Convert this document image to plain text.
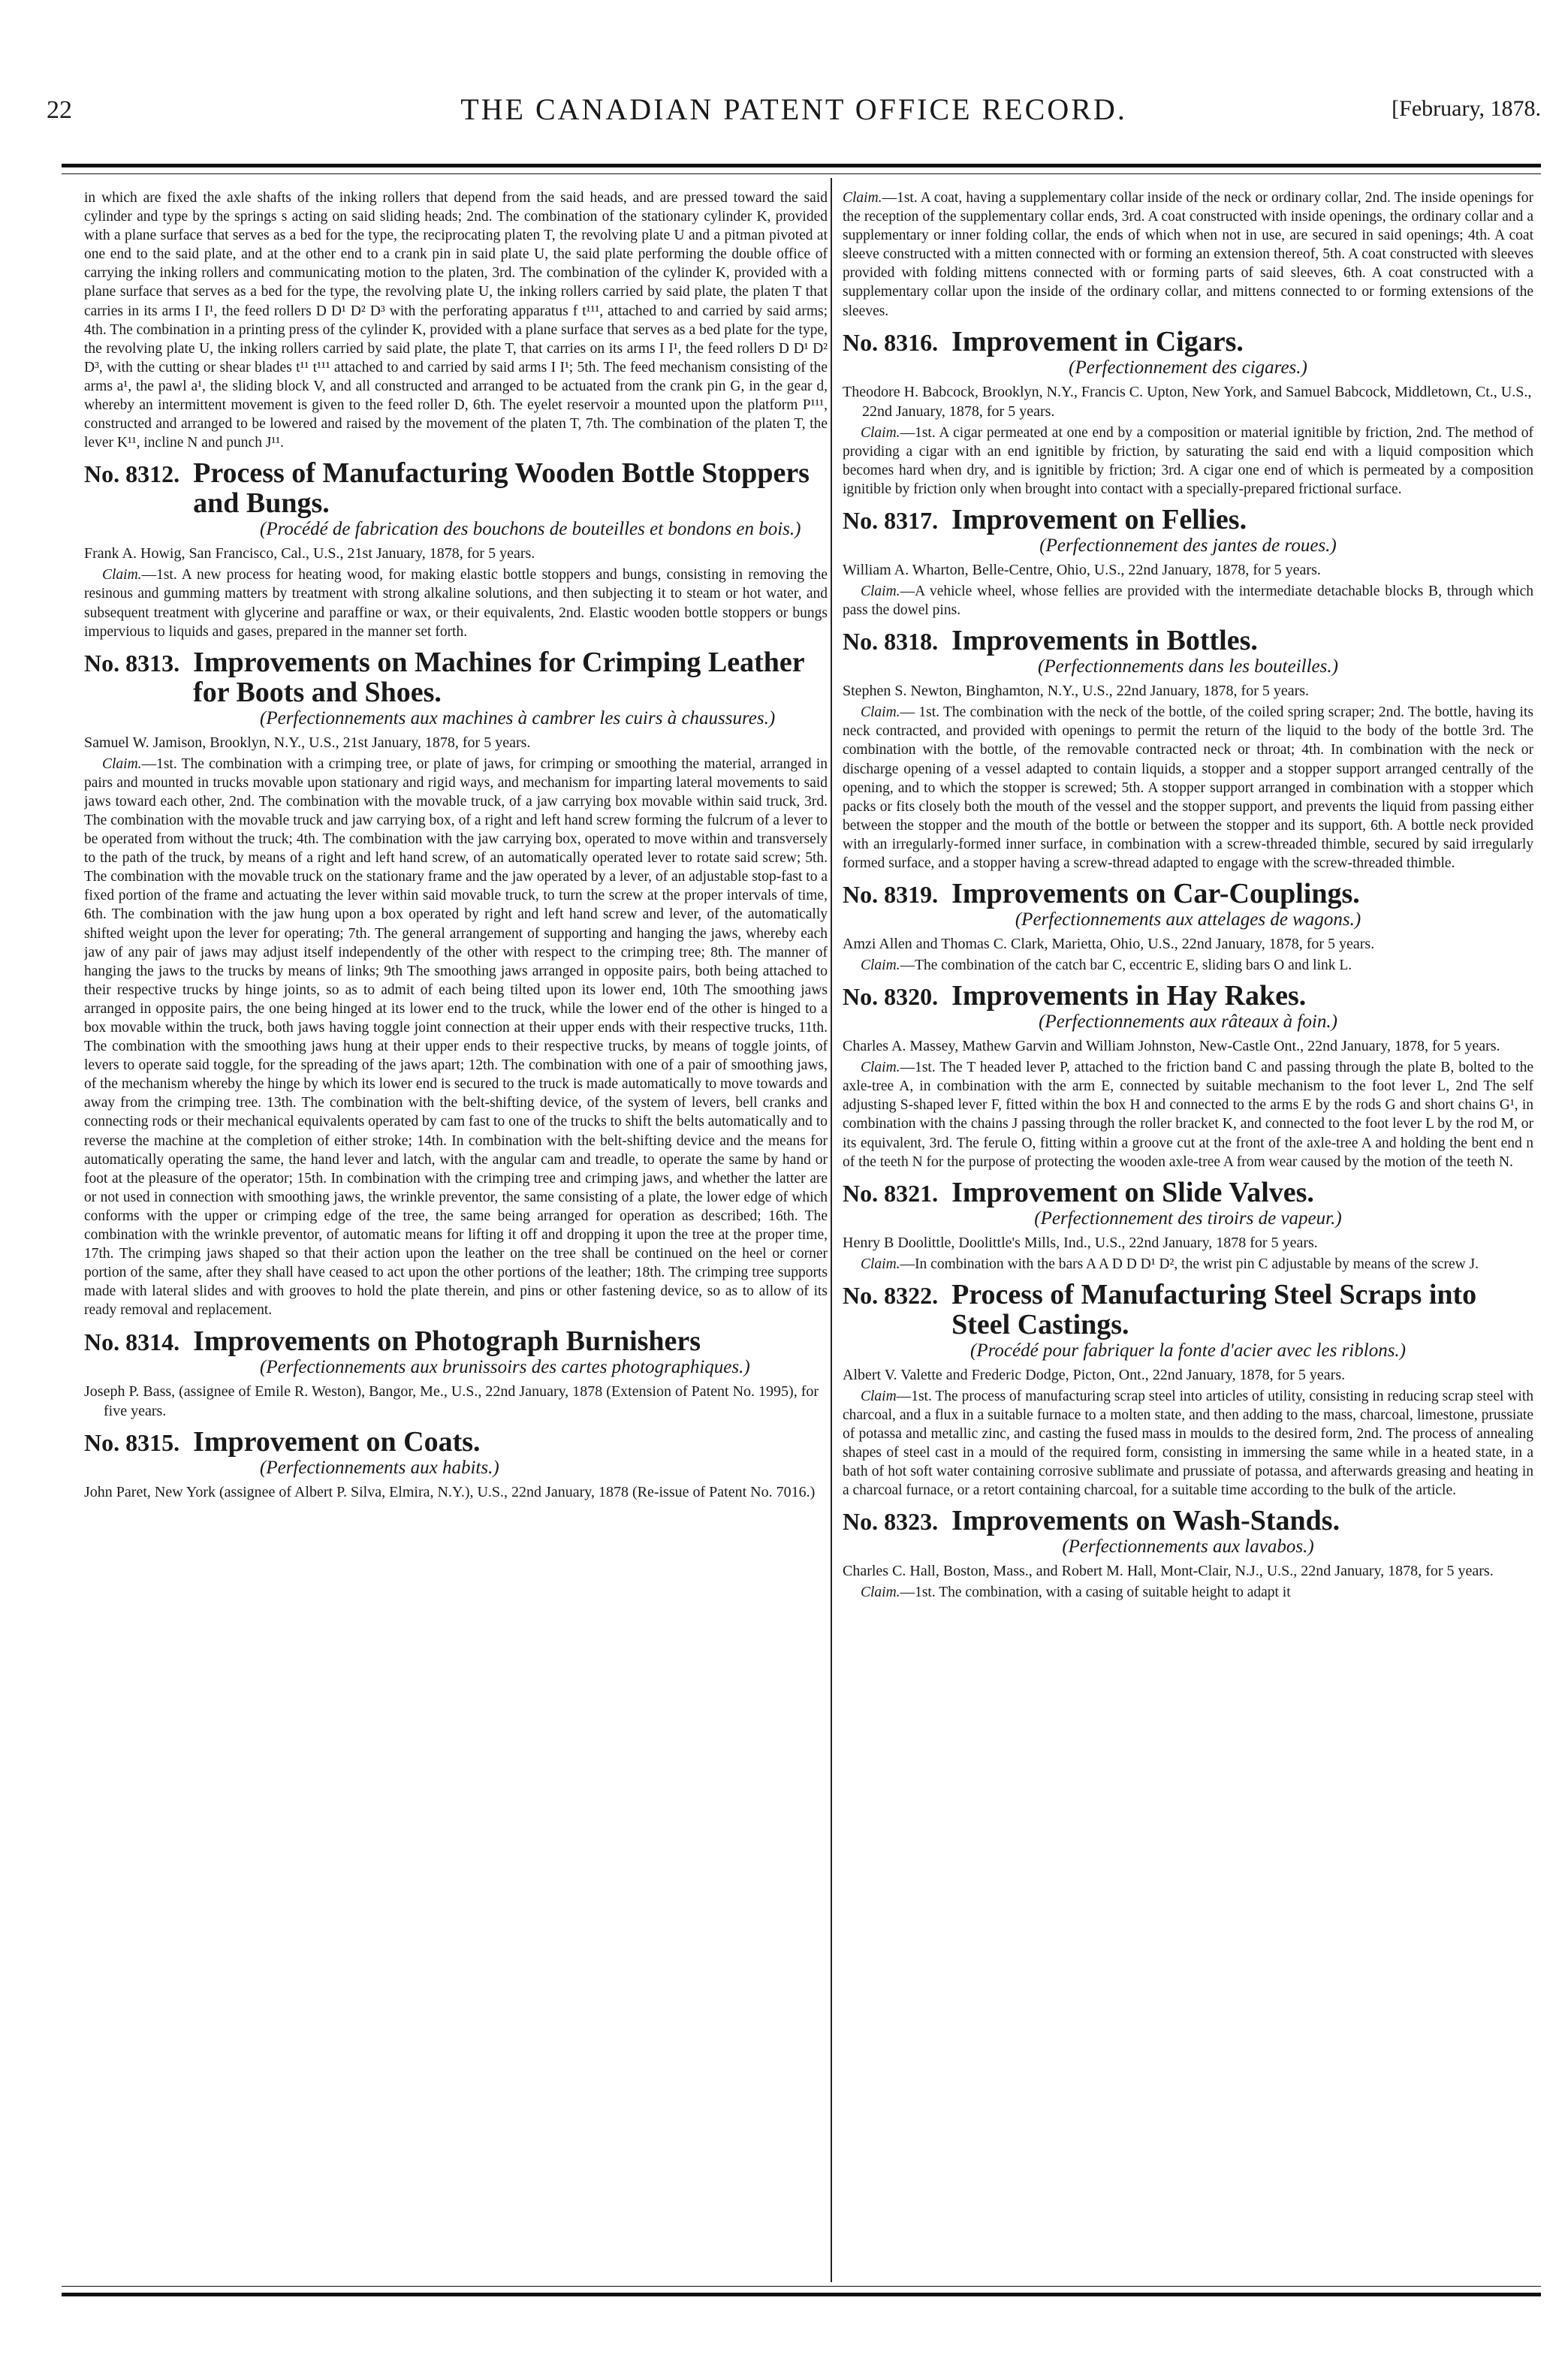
22	THE CANADIAN PATENT OFFICE RECORD.	[February, 1878.

in which are fixed the axle shafts of the inking rollers that depend from the said heads, and are pressed toward the said cylinder and type by the springs s acting on said sliding heads; 2nd. The combination of the stationary cylinder K, provided with a plane surface that serves as a bed for the type, the reciprocating platen T, the revolving plate U and a pitman pivoted at one end to the said plate, and at the other end to a crank pin in said plate U, the said plate performing the double office of carrying the inking rollers and communicating motion to the platen, 3rd. The combination of the cylinder K, provided with a plane surface that serves as a bed for the type, the revolving plate U, the inking rollers carried by said plate, the platen T that carries in its arms I I¹, the feed rollers D D¹ D² D³ with the perforating apparatus f t¹¹¹, attached to and carried by said arms; 4th. The combination in a printing press of the cylinder K, provided with a plane surface that serves as a bed plate for the type, the revolving plate U, the inking rollers carried by said plate, the plate T, that carries on its arms I I¹, the feed rollers D D¹ D² D³, with the cutting or shear blades t¹¹ t¹¹¹ attached to and carried by said arms I I¹; 5th. The feed mechanism consisting of the arms a¹, the pawl a¹, the sliding block V, and all constructed and arranged to be actuated from the crank pin G, in the gear d, whereby an intermittent movement is given to the feed roller D, 6th. The eyelet reservoir a mounted upon the platform P¹¹¹, constructed and arranged to be lowered and raised by the movement of the platen T, 7th. The combination of the platen T, the lever K¹¹, incline N and punch J¹¹.

No. 8312. Process of Manufacturing Wooden Bottle Stoppers and Bungs.
(Procédé de fabrication des bouchons de bouteilles et bondons en bois.)
Frank A. Howig, San Francisco, Cal., U.S., 21st January, 1878, for 5 years.

Claim.—1st. A new process for heating wood, for making elastic bottle stoppers and bungs, consisting in removing the resinous and gumming matters by treatment with strong alkaline solutions, and then subjecting it to steam or hot water, and subsequent treatment with glycerine and paraffine or wax, or their equivalents, 2nd. Elastic wooden bottle stoppers or bungs impervious to liquids and gases, prepared in the manner set forth.

No. 8313. Improvements on Machines for Crimping Leather for Boots and Shoes.
(Perfectionnements aux machines à cambrer les cuirs à chaussures.)
Samuel W. Jamison, Brooklyn, N.Y., U.S., 21st January, 1878, for 5 years.

Claim.—1st. The combination with a crimping tree, or plate of jaws, for crimping or smoothing the material, arranged in pairs and mounted in trucks movable upon stationary and rigid ways, and mechanism for imparting lateral movements to said jaws toward each other, 2nd. The combination with the movable truck, of a jaw carrying box movable within said truck, 3rd. The combination with the movable truck and jaw carrying box, of a right and left hand screw forming the fulcrum of a lever to be operated from without the truck; 4th. The combination with the jaw carrying box, operated to move within and transversely to the path of the truck, by means of a right and left hand screw, of an automatically operated lever to rotate said screw; 5th. The combination with the movable truck on the stationary frame and the jaw operated by a lever, of an adjustable stop-fast to a fixed portion of the frame and actuating the lever within said movable truck, to turn the screw at the proper intervals of time, 6th. The combination with the jaw hung upon a box operated by right and left hand screw and lever, of the automatically shifted weight upon the lever for operating; 7th. The general arrangement of supporting and hanging the jaws, whereby each jaw of any pair of jaws may adjust itself independently of the other with respect to the crimping tree; 8th. The manner of hanging the jaws to the trucks by means of links; 9th The smoothing jaws arranged in opposite pairs, both being attached to their respective trucks by hinge joints, so as to admit of each being tilted upon its lower end, 10th The smoothing jaws arranged in opposite pairs, the one being hinged at its lower end to the truck, while the lower end of the other is hinged to a box movable within the truck, both jaws having toggle joint connection at their upper ends with their respective trucks, 11th. The combination with the smoothing jaws hung at their upper ends to their respective trucks, by means of toggle joints, of levers to operate said toggle, for the spreading of the jaws apart; 12th. The combination with one of a pair of smoothing jaws, of the mechanism whereby the hinge by which its lower end is secured to the truck is made automatically to move towards and away from the crimping tree. 13th. The combination with the belt-shifting device, of the system of levers, bell cranks and connecting rods or their mechanical equivalents operated by cam fast to one of the trucks to shift the belts automatically and to reverse the machine at the completion of either stroke; 14th. In combination with the belt-shifting device and the means for automatically operating the same, the hand lever and latch, with the angular cam and treadle, to operate the same by hand or foot at the pleasure of the operator; 15th. In combination with the crimping tree and crimping jaws, and whether the latter are or not used in connection with smoothing jaws, the wrinkle preventor, the same consisting of a plate, the lower edge of which conforms with the upper or crimping edge of the tree, the same being arranged for operation as described; 16th. The combination with the wrinkle preventor, of automatic means for lifting it off and dropping it upon the tree at the proper time, 17th. The crimping jaws shaped so that their action upon the leather on the tree shall be continued on the heel or corner portion of the same, after they shall have ceased to act upon the other portions of the leather; 18th. The crimping tree supports made with lateral slides and with grooves to hold the plate therein, and pins or other fastening device, so as to allow of its ready removal and replacement.

No. 8314. Improvements on Photograph Burnishers
(Perfectionnements aux brunissoirs des cartes photographiques.)
Joseph P. Bass, (assignee of Emile R. Weston), Bangor, Me., U.S., 22nd January, 1878 (Extension of Patent No. 1995), for five years.
No. 8315. Improvement on Coats.
(Perfectionnements aux habits.)
John Paret, New York (assignee of Albert P. Silva, Elmira, N.Y.), U.S., 22nd January, 1878 (Re-issue of Patent No. 7016.)

Claim.—1st. A coat, having a supplementary collar inside of the neck or ordinary collar, 2nd. The inside openings for the reception of the supplementary collar ends, 3rd. A coat constructed with inside openings, the ordinary collar and a supplementary or inner folding collar, the ends of which when not in use, are secured in said openings; 4th. A coat sleeve constructed with a mitten connected with or forming an extension thereof, 5th. A coat constructed with sleeves provided with folding mittens connected with or forming parts of said sleeves, 6th. A coat constructed with a supplementary collar upon the inside of the ordinary collar, and mittens connected to or forming extensions of the sleeves.

No. 8316. Improvement in Cigars.
(Perfectionnement des cigares.)
Theodore H. Babcock, Brooklyn, N.Y., Francis C. Upton, New York, and Samuel Babcock, Middletown, Ct., U.S., 22nd January, 1878, for 5 years.

Claim.—1st. A cigar permeated at one end by a composition or material ignitible by friction, 2nd. The method of providing a cigar with an end ignitible by friction, by saturating the said end with a liquid composition which becomes hard when dry, and is ignitible by friction; 3rd. A cigar one end of which is permeated by a composition ignitible by friction only when brought into contact with a specially-prepared frictional surface.

No. 8317. Improvement on Fellies.
(Perfectionnement des jantes de roues.)
William A. Wharton, Belle-Centre, Ohio, U.S., 22nd January, 1878, for 5 years.

Claim.—A vehicle wheel, whose fellies are provided with the intermediate detachable blocks B, through which pass the dowel pins.

No. 8318. Improvements in Bottles.
(Perfectionnements dans les bouteilles.)
Stephen S. Newton, Binghamton, N.Y., U.S., 22nd January, 1878, for 5 years.

Claim.— 1st. The combination with the neck of the bottle, of the coiled spring scraper; 2nd. The bottle, having its neck contracted, and provided with openings to permit the return of the liquid to the body of the bottle 3rd. The combination with the bottle, of the removable contracted neck or throat; 4th. In combination with the neck or discharge opening of a vessel adapted to contain liquids, a stopper and a stopper support arranged centrally of the opening, and to which the stopper is screwed; 5th. A stopper support arranged in combination with a stopper which packs or fits closely both the mouth of the vessel and the stopper support, and prevents the liquid from passing either between the stopper and the mouth of the bottle or between the stopper and its support, 6th. A bottle neck provided with an irregularly-formed inner surface, in combination with a screw-threaded thimble, secured by said irregularly formed surface, and a stopper having a screw-thread adapted to engage with the screw-threaded thimble.

No. 8319. Improvements on Car-Couplings.
(Perfectionnements aux attelages de wagons.)
Amzi Allen and Thomas C. Clark, Marietta, Ohio, U.S., 22nd January, 1878, for 5 years.

Claim.—The combination of the catch bar C, eccentric E, sliding bars O and link L.

No. 8320. Improvements in Hay Rakes.
(Perfectionnements aux râteaux à foin.)
Charles A. Massey, Mathew Garvin and William Johnston, New-Castle Ont., 22nd January, 1878, for 5 years.

Claim.—1st. The T headed lever P, attached to the friction band C and passing through the plate B, bolted to the axle-tree A, in combination with the arm E, connected by suitable mechanism to the foot lever L, 2nd The self adjusting S-shaped lever F, fitted within the box H and connected to the arms E by the rods G and short chains G¹, in combination with the chains J passing through the roller bracket K, and connected to the foot lever L by the rod M, or its equivalent, 3rd. The ferule O, fitting within a groove cut at the front of the axle-tree A and holding the bent end n of the teeth N for the purpose of protecting the wooden axle-tree A from wear caused by the motion of the teeth N.

No. 8321. Improvement on Slide Valves.
(Perfectionnement des tiroirs de vapeur.)
Henry B Doolittle, Doolittle's Mills, Ind., U.S., 22nd January, 1878 for 5 years.

Claim.—In combination with the bars A A D D D¹ D², the wrist pin C adjustable by means of the screw J.

No. 8322. Process of Manufacturing Steel Scraps into Steel Castings.
(Procédé pour fabriquer la fonte d'acier avec les riblons.)
Albert V. Valette and Frederic Dodge, Picton, Ont., 22nd January, 1878, for 5 years.

Claim—1st. The process of manufacturing scrap steel into articles of utility, consisting in reducing scrap steel with charcoal, and a flux in a suitable furnace to a molten state, and then adding to the mass, charcoal, limestone, prussiate of potassa and metallic zinc, and casting the fused mass in moulds to the desired form, 2nd. The process of annealing shapes of steel cast in a mould of the required form, consisting in immersing the same while in a heated state, in a bath of hot soft water containing corrosive sublimate and prussiate of potassa, and afterwards greasing and heating in a charcoal furnace, or a retort containing charcoal, for a suitable time according to the bulk of the article.

No. 8323. Improvements on Wash-Stands.
(Perfectionnements aux lavabos.)
Charles C. Hall, Boston, Mass., and Robert M. Hall, Mont-Clair, N.J., U.S., 22nd January, 1878, for 5 years.

Claim.—1st. The combination, with a casing of suitable height to adapt it
